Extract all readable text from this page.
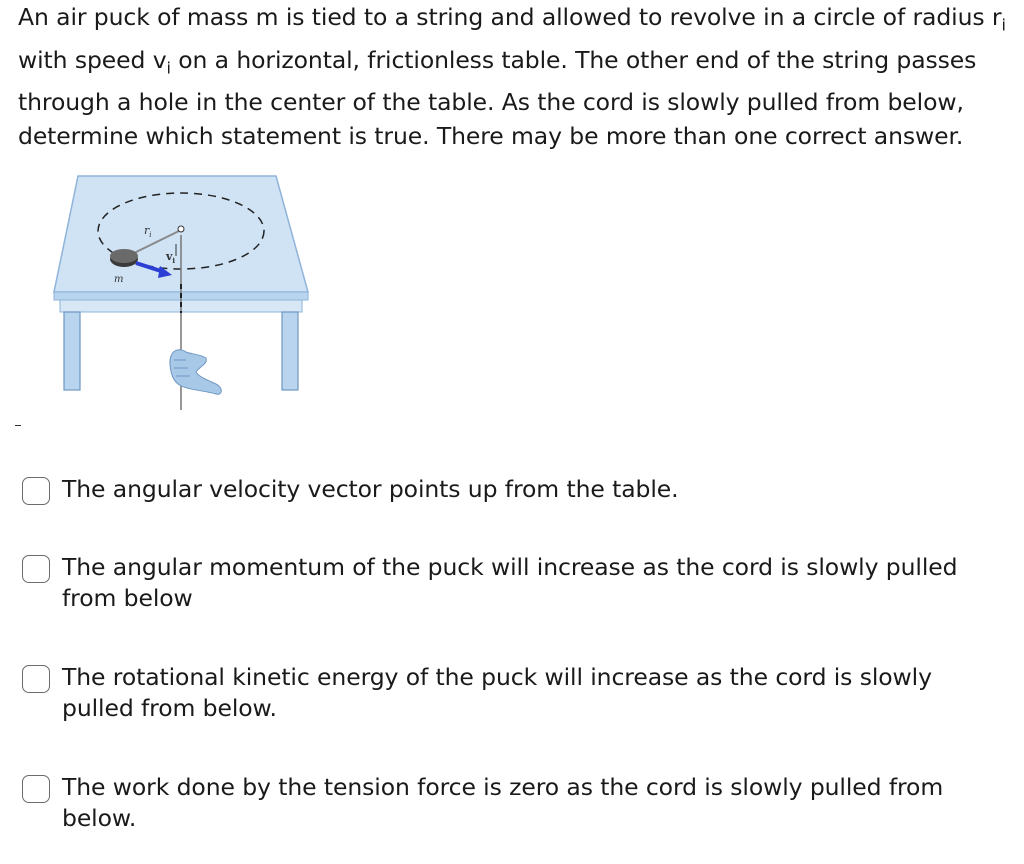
An air puck of mass m is tied to a string and allowed to revolve in a circle of radius $r_i$ with speed $v_i$ on a horizontal, frictionless table. The other end of the string passes through a hole in the center of the table. As the cord is slowly pulled from below, determine which statement is true. There may be more than one correct answer.

$r_i$
$v_i$
m
The angular velocity vector points up from the table.
The angular momentum of the puck will increase as the cord is slowly pulled from below
The rotational kinetic energy of the puck will increase as the cord is slowly pulled from below.
The work done by the tension force is zero as the cord is slowly pulled from below.
